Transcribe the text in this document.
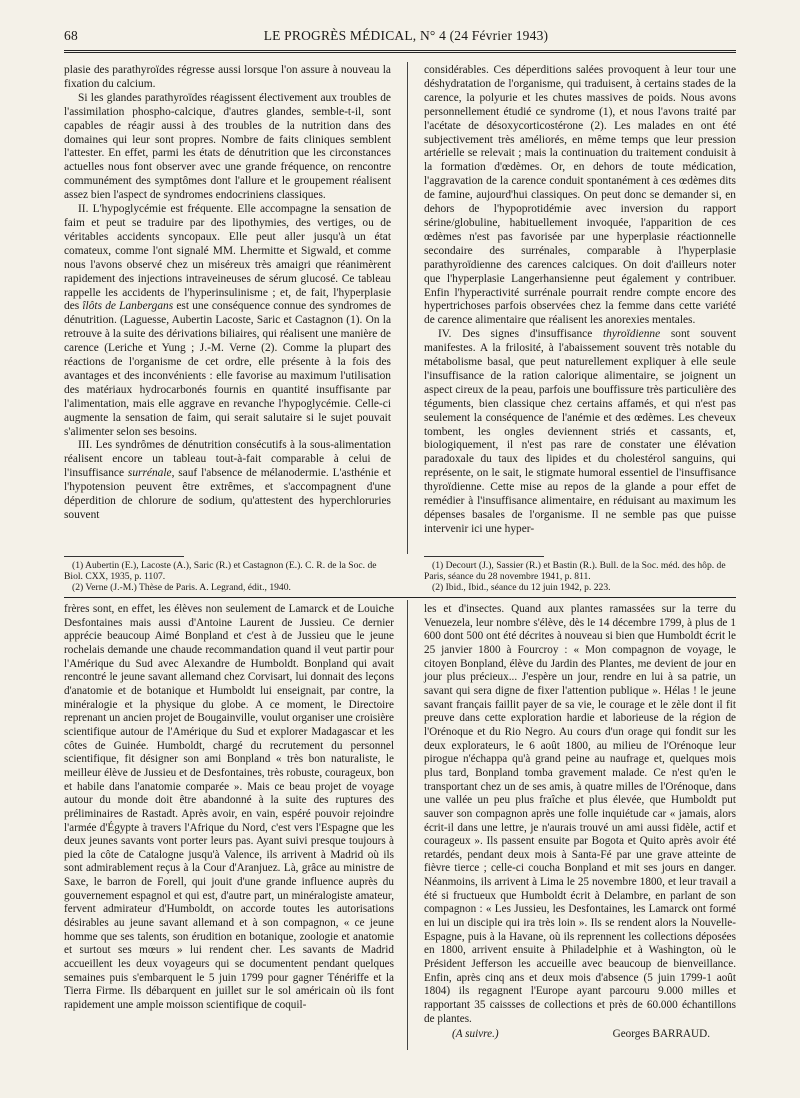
68	LE PROGRÈS MÉDICAL, N° 4 (24 Février 1943)

plasie des parathyroïdes régresse aussi lorsque l'on assure à nouveau la fixation du calcium.

Si les glandes parathyroïdes réagissent électivement aux troubles de l'assimilation phospho-calcique, d'autres glandes, semble-t-il, sont capables de réagir aussi à des troubles de la nutrition dans des domaines qui leur sont propres. Nombre de faits cliniques semblent l'attester. En effet, parmi les états de dénutrition que les circonstances actuelles nous font observer avec une grande fréquence, on rencontre communément des symptômes dont l'allure et le groupement réalisent assez bien l'aspect de syndromes endocriniens classiques.

II. L'hypoglycémie est fréquente. Elle accompagne la sensation de faim et peut se traduire par des lipothymies, des vertiges, ou de véritables accidents syncopaux. Elle peut aller jusqu'à un état comateux, comme l'ont signalé MM. Lhermitte et Sigwald, et comme nous l'avons observé chez un miséreux très amaigri que réanimèrent rapidement des injections intraveineuses de sérum glucosé. Ce tableau rappelle les accidents de l'hyperinsulinisme ; et, de fait, l'hyperplasie des îlôts de Lanbergans est une conséquence connue des syndromes de dénutrition. (Laguesse, Aubertin Lacoste, Saric et Castagnon (1). On la retrouve à la suite des dérivations biliaires, qui réalisent une manière de carence (Leriche et Yung ; J.-M. Verne (2). Comme la plupart des réactions de l'organisme de cet ordre, elle présente à la fois des avantages et des inconvénients : elle favorise au maximum l'utilisation des matériaux hydrocarbonés fournis en quantité insuffisante par l'alimentation, mais elle aggrave en revanche l'hypoglycémie. Celle-ci augmente la sensation de faim, qui serait salutaire si le sujet pouvait s'alimenter selon ses besoins.

III. Les syndrômes de dénutrition consécutifs à la sous-alimentation réalisent encore un tableau tout-à-fait comparable à celui de l'insuffisance surrénale, sauf l'absence de mélanodermie. L'asthénie et l'hypotension peuvent être extrêmes, et s'accompagnent d'une déperdition de chlorure de sodium, qu'attestent des hyperchloruries souvent

considérables. Ces déperditions salées provoquent à leur tour une déshydratation de l'organisme, qui traduisent, à certains stades de la carence, la polyurie et les chutes massives de poids. Nous avons personnellement étudié ce syndrome (1), et nous l'avons traité par l'acétate de désoxycorticostérone (2). Les malades en ont été subjectivement très améliorés, en même temps que leur pression artérielle se relevait ; mais la continuation du traitement conduisit à la formation d'œdèmes. Or, en dehors de toute médication, l'aggravation de la carence conduit spontanément à ces œdèmes dits de famine, aujourd'hui classiques. On peut donc se demander si, en dehors de l'hypoprotidémie avec inversion du rapport sérine/globuline, habituellement invoquée, l'apparition de ces œdèmes n'est pas favorisée par une hyperplasie réactionnelle secondaire des surrénales, comparable à l'hyperplasie parathyroïdienne des carences calciques. On doit d'ailleurs noter que l'hyperplasie Langerhansienne peut également y contribuer. Enfin l'hyperactivité surrénale pourrait rendre compte encore des hypertrichoses parfois observées chez la femme dans cette variété de carence alimentaire que réalisent les anorexies mentales.

IV. Des signes d'insuffisance thyroïdienne sont souvent manifestes. A la frilosité, à l'abaissement souvent très notable du métabolisme basal, que peut naturellement expliquer à elle seule l'insuffisance de la ration calorique alimentaire, se joignent un aspect cireux de la peau, parfois une bouffissure très particulière des téguments, bien classique chez certains affamés, et qui n'est pas seulement la conséquence de l'anémie et des œdèmes. Les cheveux tombent, les ongles deviennent striés et cassants, et, biologiquement, il n'est pas rare de constater une élévation paradoxale du taux des lipides et du cholestérol sanguins, qui représente, on le sait, le stigmate humoral essentiel de l'insuffisance thyroïdienne. Cette mise au repos de la glande a pour effet de remédier à l'insuffisance alimentaire, en réduisant au maximum les dépenses basales de l'organisme. Il ne semble pas que puisse intervenir ici une hyper-

(1) Aubertin (E.), Lacoste (A.), Saric (R.) et Castagnon (E.). C. R. de la Soc. de Biol. CXX, 1935, p. 1107.

(2) Verne (J.-M.) Thèse de Paris. A. Legrand, édit., 1940.

(1) Decourt (J.), Sassier (R.) et Bastin (R.). Bull. de la Soc. méd. des hôp. de Paris, séance du 28 novembre 1941, p. 811.

(2) Ibid., Ibid., séance du 12 juin 1942, p. 223.

frères sont, en effet, les élèves non seulement de Lamarck et de Louiche Desfontaines mais aussi d'Antoine Laurent de Jussieu. Ce dernier apprécie beaucoup Aimé Bonpland et c'est à de Jussieu que le jeune rochelais demande une chaude recommandation quand il veut partir pour l'Amérique du Sud avec Alexandre de Humboldt. Bonpland qui avait rencontré le jeune savant allemand chez Corvisart, lui donnait des leçons d'anatomie et de botanique et Humboldt lui enseignait, par contre, la minéralogie et la physique du globe. A ce moment, le Directoire reprenant un ancien projet de Bougainville, voulut organiser une croisière scientifique autour de l'Amérique du Sud et explorer Madagascar et les côtes de Guinée. Humboldt, chargé du recrutement du personnel scientifique, fit désigner son ami Bonpland « très bon naturaliste, le meilleur élève de Jussieu et de Desfontaines, très robuste, courageux, bon et habile dans l'anatomie comparée ». Mais ce beau projet de voyage autour du monde doit être abandonné à la suite des ruptures des préliminaires de Rastadt. Après avoir, en vain, espéré pouvoir rejoindre l'armée d'Égypte à travers l'Afrique du Nord, c'est vers l'Espagne que les deux jeunes savants vont porter leurs pas. Ayant suivi presque toujours à pied la côte de Catalogne jusqu'à Valence, ils arrivent à Madrid où ils sont admirablement reçus à la Cour d'Aranjuez. Là, grâce au ministre de Saxe, le barron de Forell, qui jouit d'une grande influence auprès du gouvernement espagnol et qui est, d'autre part, un minéralogiste amateur, fervent admirateur d'Humboldt, on accorde toutes les autorisations désirables au jeune savant allemand et à son compagnon, « ce jeune homme que ses talents, son érudition en botanique, zoologie et anatomie et surtout ses mœurs » lui rendent cher. Les savants de Madrid accueillent les deux voyageurs qui se documentent pendant quelques semaines puis s'embarquent le 5 juin 1799 pour gagner Ténériffe et la Tierra Firme. Ils débarquent en juillet sur le sol américain où ils font rapidement une ample moisson scientifique de coquil-

les et d'insectes. Quand aux plantes ramassées sur la terre du Venuezela, leur nombre s'élève, dès le 14 décembre 1799, à plus de 1 600 dont 500 ont été décrites à nouveau si bien que Humboldt écrit le 25 janvier 1800 à Fourcroy : « Mon compagnon de voyage, le citoyen Bonpland, élève du Jardin des Plantes, me devient de jour en jour plus précieux... J'espère un jour, rendre en lui à sa patrie, un savant qui sera digne de fixer l'attention publique ». Hélas ! le jeune savant français faillit payer de sa vie, le courage et le zèle dont il fit preuve dans cette exploration hardie et laborieuse de la région de l'Orénoque et du Rio Negro. Au cours d'un orage qui fondit sur les deux explorateurs, le 6 août 1800, au milieu de l'Orénoque leur pirogue n'échappa qu'à grand peine au naufrage et, quelques mois plus tard, Bonpland tomba gravement malade. Ce n'est qu'en le transportant chez un de ses amis, à quatre milles de l'Orénoque, dans une vallée un peu plus fraîche et plus élevée, que Humboldt put sauver son compagnon après une folle inquiétude car « jamais, alors écrit-il dans une lettre, je n'aurais trouvé un ami aussi fidèle, actif et courageux ». Ils passent ensuite par Bogota et Quito après avoir été retardés, pendant deux mois à Santa-Fé par une grave atteinte de fièvre tierce ; celle-ci coucha Bonpland et mit ses jours en danger. Néanmoins, ils arrivent à Lima le 25 novembre 1800, et leur travail a été si fructueux que Humboldt écrit à Delambre, en parlant de son compagnon : « Les Jussieu, les Desfontaines, les Lamarck ont formé en lui un disciple qui ira très loin ». Ils se rendent alors la Nouvelle-Espagne, puis à la Havane, où ils reprennent les collections déposées en 1800, arrivent ensuite à Philadelphie et à Washington, où le Président Jefferson les accueille avec beaucoup de bienveillance. Enfin, après cinq ans et deux mois d'absence (5 juin 1799-1 août 1804) ils regagnent l'Europe ayant parcouru 9.000 milles et rapportant 35 caissses de collections et près de 60.000 échantillons de plantes.

(A suivre.)	Georges BARRAUD.
